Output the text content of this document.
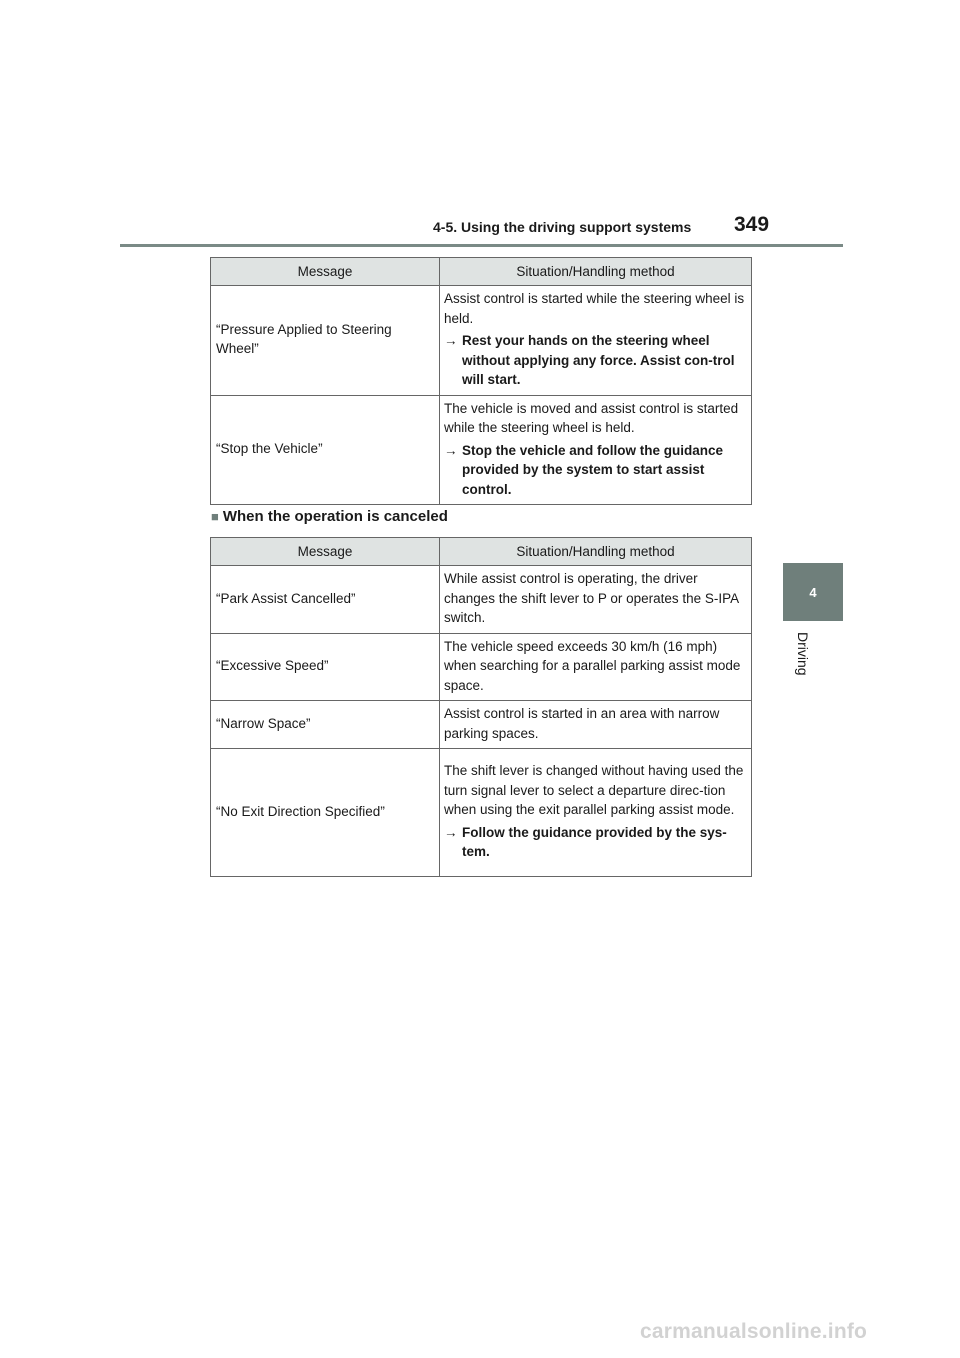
4-5. Using the driving support systems 349
4
Driving
Message	Situation/Handling method
“Pressure Applied to Steering Wheel”	Assist control is started while the steering wheel is held.

→ Rest your hands on the steering wheel without applying any force. Assist con-trol will start.

“Stop the Vehicle”	The vehicle is moved and assist control is started while the steering wheel is held.

→ Stop the vehicle and follow the guidance provided by the system to start assist control.

■ When the operation is canceled
Message	Situation/Handling method
“Park Assist Cancelled”	While assist control is operating, the driver changes the shift lever to P or operates the S-IPA switch.

“Excessive Speed”	The vehicle speed exceeds 30 km/h (16 mph) when searching for a parallel parking assist mode space.

“Narrow Space”	Assist control is started in an area with narrow parking spaces.

“No Exit Direction Specified”	The shift lever is changed without having used the turn signal lever to select a departure direc-tion when using the exit parallel parking assist mode.

→ Follow the guidance provided by the sys-tem.

carmanualsonline.info
